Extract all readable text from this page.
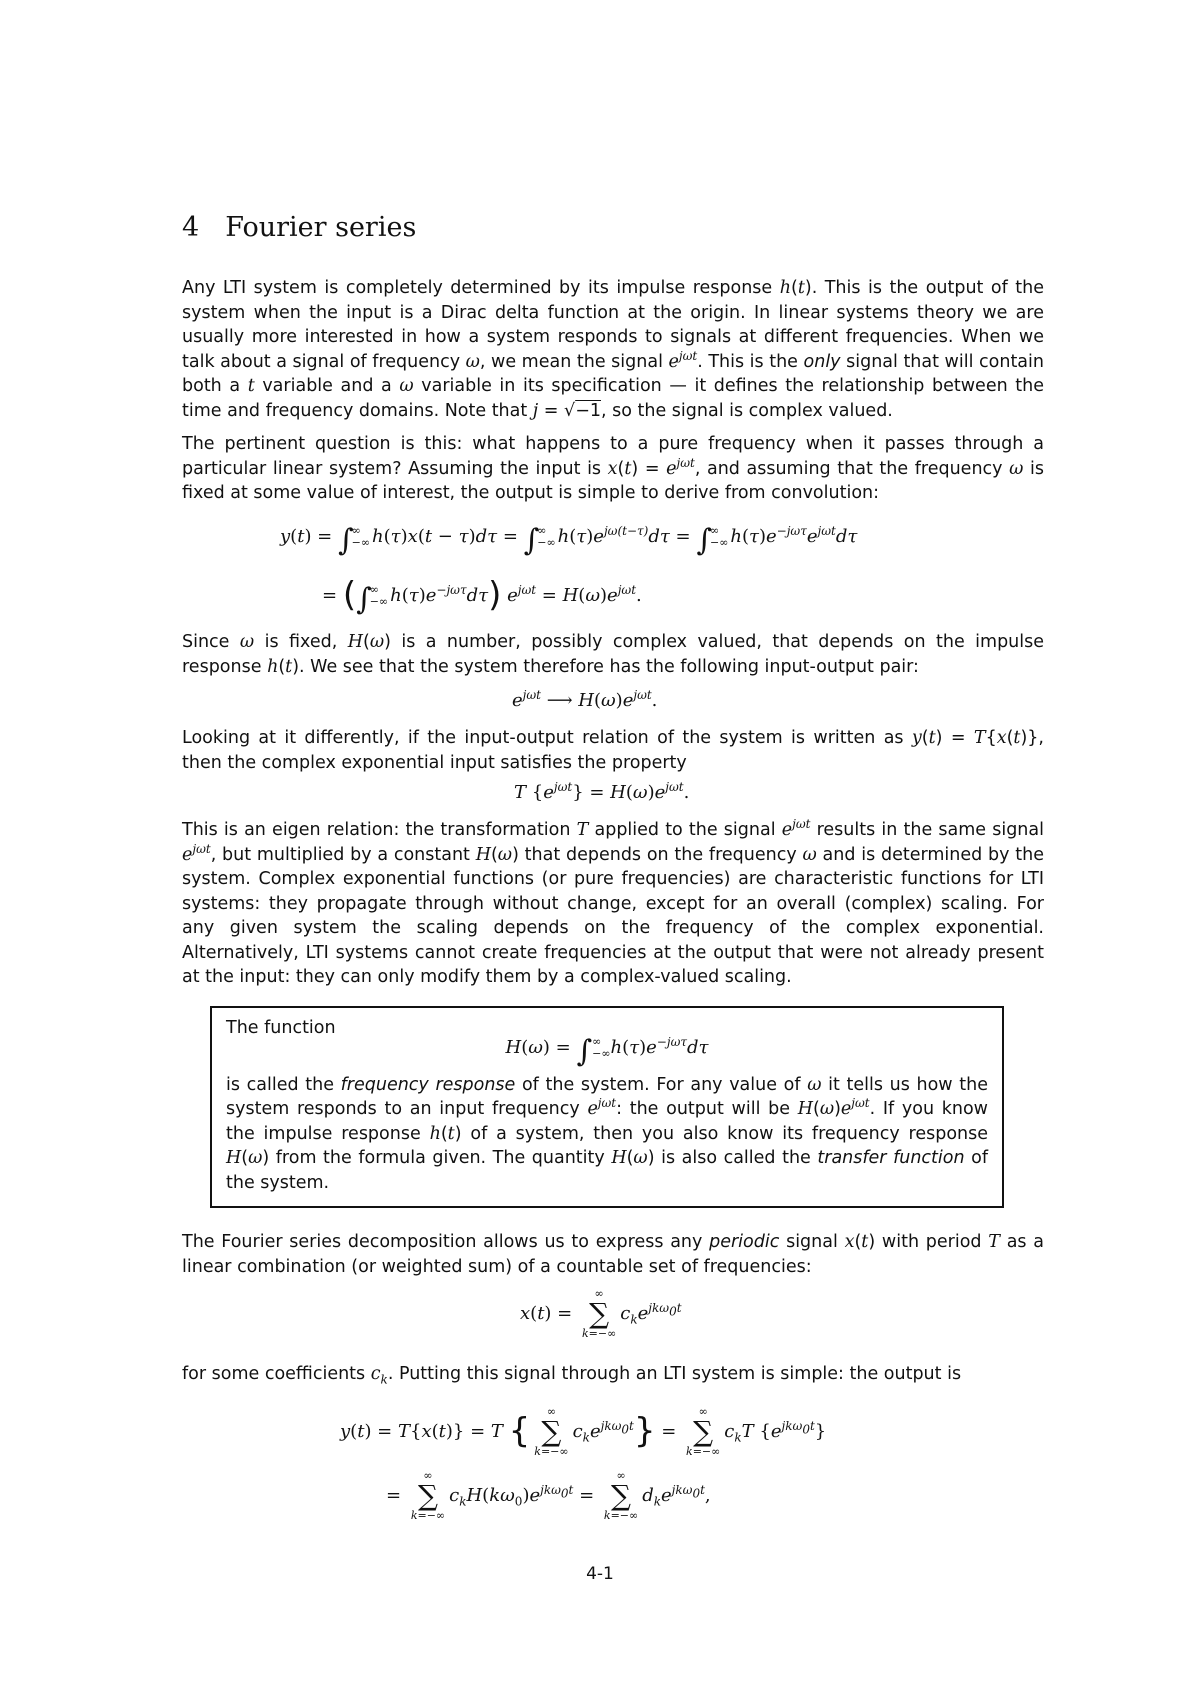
4 Fourier series

Any LTI system is completely determined by its impulse response h(t). This is the output of the system when the input is a Dirac delta function at the origin. In linear systems theory we are usually more interested in how a system responds to signals at different frequencies. When we talk about a signal of frequency ω, we mean the signal $e^{j\omega t}$. This is the only signal that will contain both a t variable and a ω variable in its specification — it defines the relationship between the time and frequency domains. Note that j = √−1, so the signal is complex valued.

The pertinent question is this: what happens to a pure frequency when it passes through a particular linear system? Assuming the input is $x(t) = e^{j\omega t}$, and assuming that the frequency ω is fixed at some value of interest, the output is simple to derive from convolution:

y(t) = ∫∞
−∞ h(τ)x(t − τ)dτ = ∫∞
−∞ $h(\tau)e^{j\omega(t-\tau)}d\tau$ = ∫∞
−∞ $h(\tau)e^{-j\omega\tau}e^{j\omega t}d\tau$
= (∫∞
−∞ $h(\tau)e^{-j\omega\tau}d\tau$) $e^{j\omega t} = H(\omega)e^{j\omega t}$.

Since ω is fixed, H(ω) is a number, possibly complex valued, that depends on the impulse response h(t). We see that the system therefore has the following input-output pair:

$e^{j\omega t}$ ⟶ $H(\omega)e^{j\omega t}$.

Looking at it differently, if the input-output relation of the system is written as y(t) = T{x(t)}, then the complex exponential input satisfies the property

T $\{e^{j\omega t}\} = H(\omega)e^{j\omega t}$.

This is an eigen relation: the transformation T applied to the signal $e^{j\omega t}$ results in the same signal $e^{j\omega t}$, but multiplied by a constant H(ω) that depends on the frequency ω and is determined by the system. Complex exponential functions (or pure frequencies) are characteristic functions for LTI systems: they propagate through without change, except for an overall (complex) scaling. For any given system the scaling depends on the frequency of the complex exponential. Alternatively, LTI systems cannot create frequencies at the output that were not already present at the input: they can only modify them by a complex-valued scaling.

The function

H(ω) = ∫∞
$-\infty h(\tau)e^{-j\omega\tau}d\tau$

is called the frequency response of the system. For any value of ω it tells us how the system responds to an input frequency $e^{j\omega t}$: the output will be $H(\omega)e^{j\omega t}$. If you know the impulse response h(t) of a system, then you also know its frequency response H(ω) from the formula given. The quantity H(ω) is also called the transfer function of the system.

The Fourier series decomposition allows us to express any periodic signal x(t) with period T as a linear combination (or weighted sum) of a countable set of frequencies:

x(t) =
∞
∑
k=−∞
$c_ke^{jk\omega_0t}$

for some coefficients $c_k$. Putting this signal through an LTI system is simple: the output is

y(t) = T{x(t)} = T { ∞
∑
k=−∞
$c_ke^{jk\omega_0t}$} =
∞
∑
k=−∞
$c_kT$ $\{e^{jk\omega_0t}\}$
=
∞
∑
k=−∞
$c_kH(k\omega_0)e^{jk\omega_0t}$ =
∞
∑
k=−∞
$d_ke^{jk\omega_0t}$,
4-1
